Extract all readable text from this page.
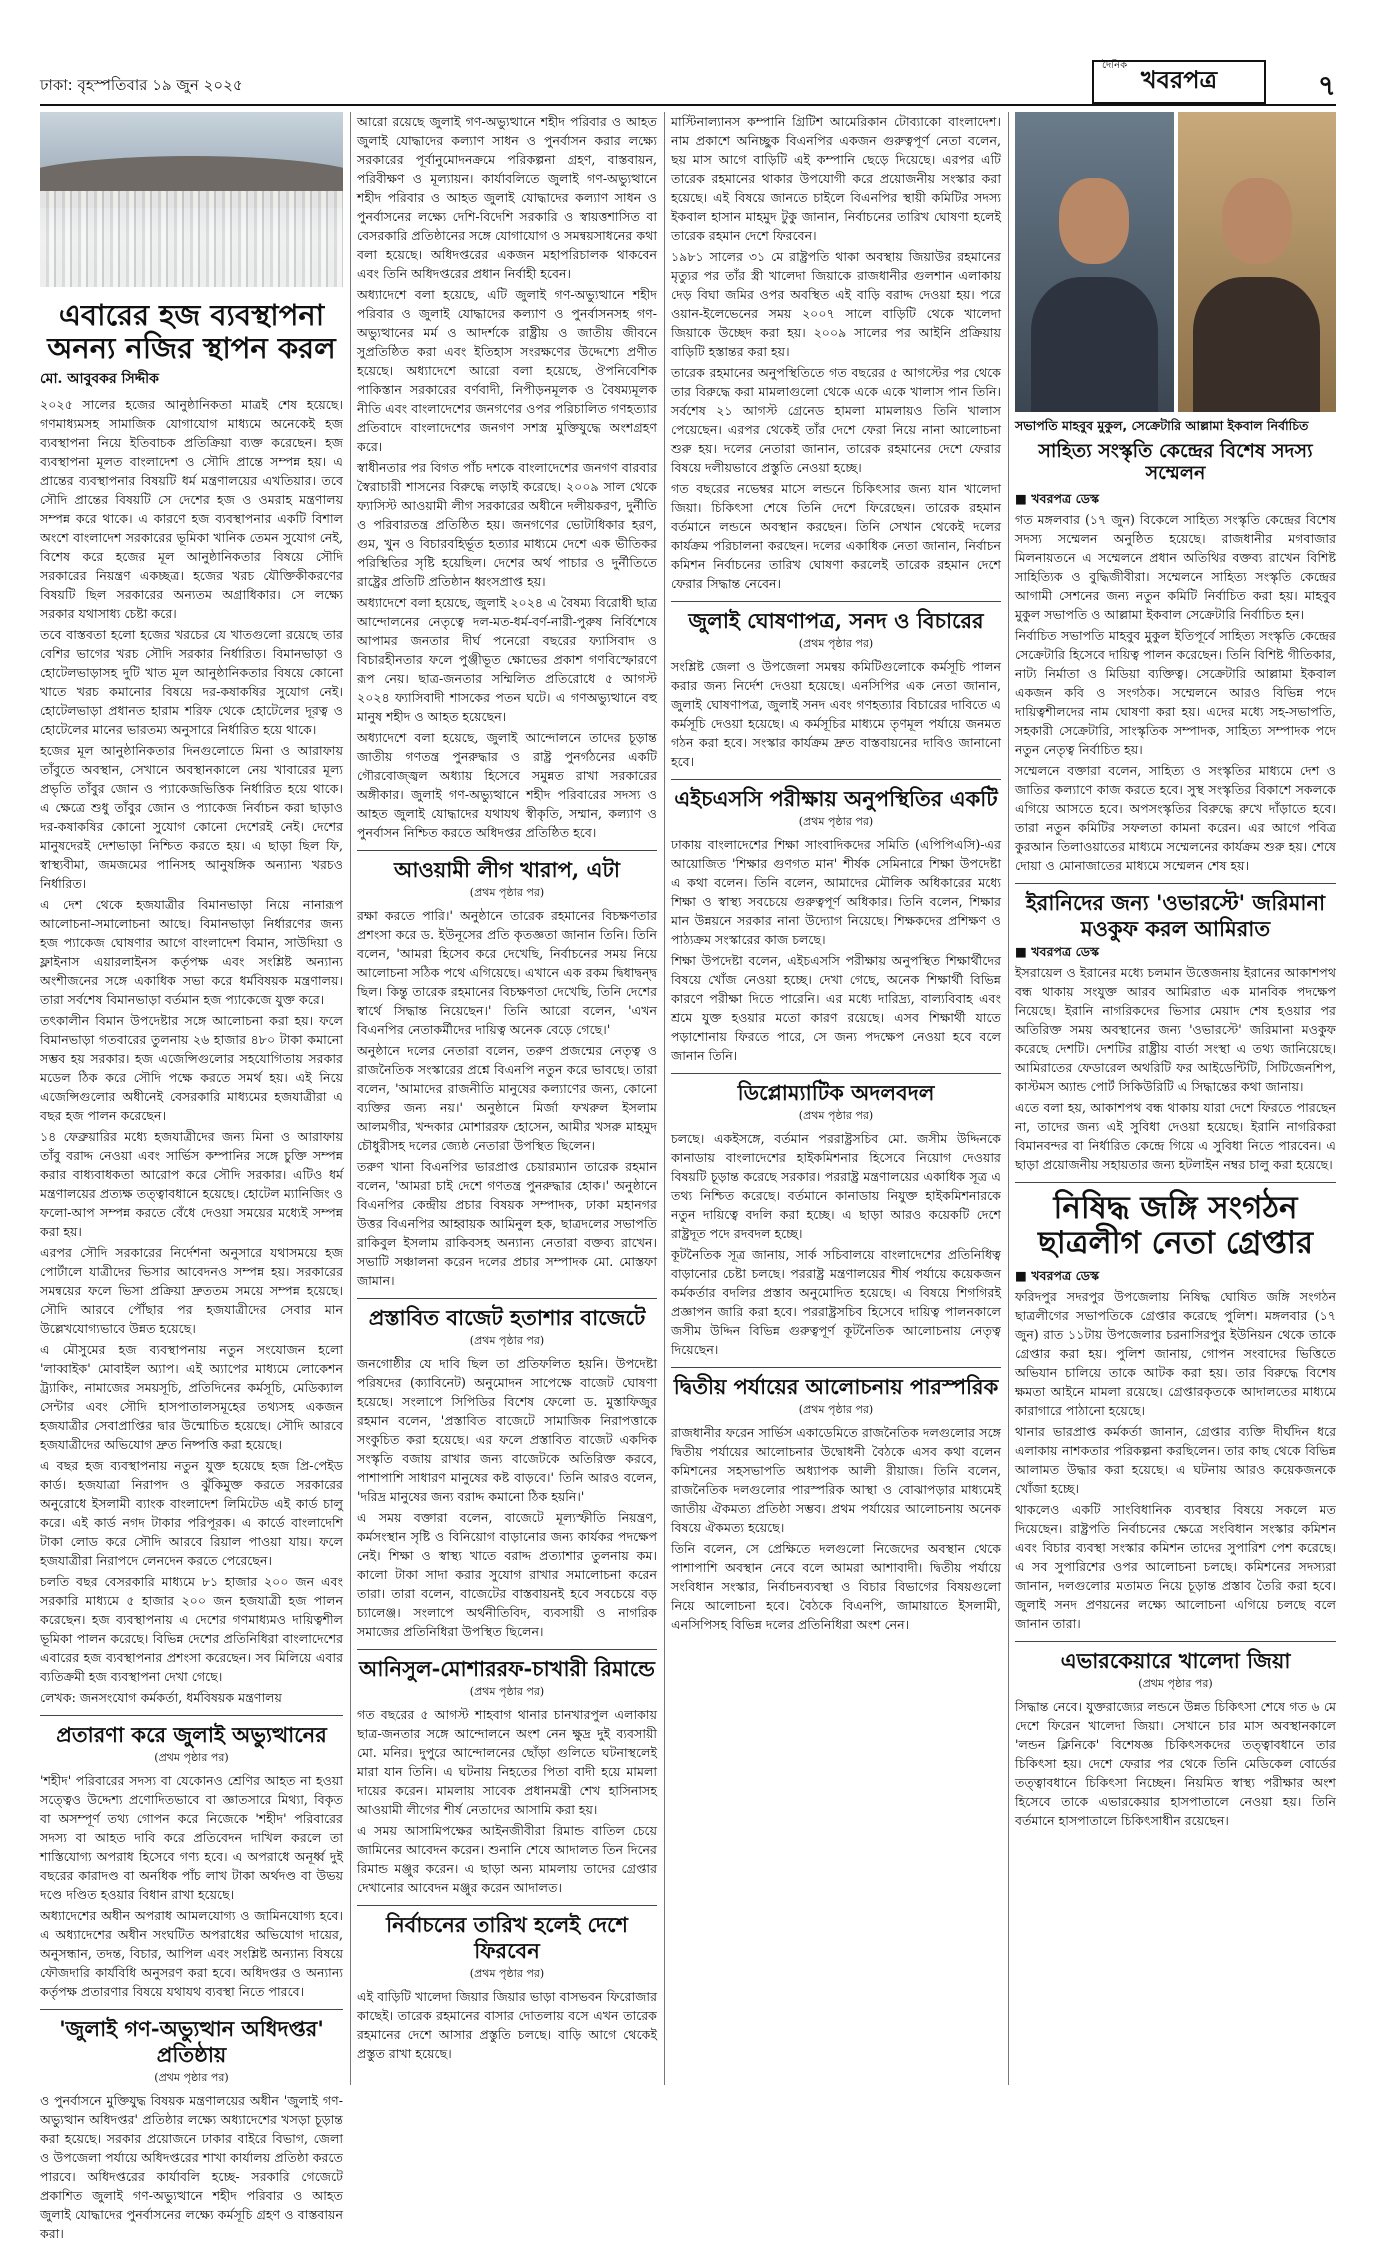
ঢাকা: বৃহস্পতিবার ১৯ জুন ২০২৫
দৈনিক
খবরপত্র	৭
এবারের হজ ব্যবস্থাপনা
অনন্য নজির স্থাপন করল
মো. আবুবকর সিদ্দীক

২০২৫ সালের হজের আনুষ্ঠানিকতা মাত্রই শেষ হয়েছে। গণমাধ্যমসহ সামাজিক যোগাযোগ মাধ্যমে অনেকেই হজ ব্যবস্থাপনা নিয়ে ইতিবাচক প্রতিক্রিয়া ব্যক্ত করেছেন। হজ ব্যবস্থাপনা মূলত বাংলাদেশ ও সৌদি প্রান্তে সম্পন্ন হয়। এ প্রান্তের ব্যবস্থাপনার বিষয়টি ধর্ম মন্ত্রণালয়ের এখতিয়ার। তবে সৌদি প্রান্তের বিষয়টি সে দেশের হজ ও ওমরাহ মন্ত্রণালয় সম্পন্ন করে থাকে। এ কারণে হজ ব্যবস্থাপনার একটি বিশাল অংশে বাংলাদেশ সরকারের ভূমিকা খানিক তেমন সুযোগ নেই, বিশেষ করে হজের মূল আনুষ্ঠানিকতার বিষয়ে সৌদি সরকারের নিয়ন্ত্রণ একচ্ছত্র। হজের খরচ যৌক্তিকীকরণের বিষয়টি ছিল সরকারের অন্যতম অগ্রাধিকার। সে লক্ষ্যে সরকার যথাসাধ্য চেষ্টা করে।

তবে বাস্তবতা হলো হজের খরচের যে খাতগুলো রয়েছে তার বেশির ভাগের খরচ সৌদি সরকার নির্ধারিত। বিমানভাড়া ও হোটেলভাড়াসহ দুটি খাত মূল আনুষ্ঠানিকতার বিষয়ে কোনো খাতে খরচ কমানোর বিষয়ে দর-কষাকষির সুযোগ নেই। হোটেলভাড়া প্রধানত হারাম শরিফ থেকে হোটেলের দূরত্ব ও হোটেলের মানের ভারতম্য অনুসারে নির্ধারিত হয়ে থাকে।

হজের মূল আনুষ্ঠানিকতার দিনগুলোতে মিনা ও আরাফায় তাঁবুতে অবস্থান, সেখানে অবস্থানকালে নেয় খাবারের মূল্য প্রভৃতি তাঁবুর জোন ও প্যাকেজভিত্তিক নির্ধারিত হয়ে থাকে। এ ক্ষেত্রে শুধু তাঁবুর জোন ও প্যাকেজ নির্বাচন করা ছাড়াও দর-কষাকষির কোনো সুযোগ কোনো দেশেরই নেই। দেশের মানুষদেরই দেশভাড়া নিশ্চিত করতে হয়। এ ছাড়া ছিল ফি, স্বাস্থ্যবীমা, জমজমের পানিসহ আনুষঙ্গিক অন্যান্য খরচও নির্ধারিত।

এ দেশ থেকে হজযাত্রীর বিমানভাড়া নিয়ে নানারূপ আলোচনা-সমালোচনা আছে। বিমানভাড়া নির্ধারণের জন্য হজ প্যাকেজ ঘোষণার আগে বাংলাদেশ বিমান, সাউদিয়া ও ফ্লাইনাস এয়ারলাইনস কর্তৃপক্ষ এবং সংশ্লিষ্ট অন্যান্য অংশীজনের সঙ্গে একাধিক সভা করে ধর্মবিষয়ক মন্ত্রণালয়। তারা সর্বশেষ বিমানভাড়া বর্তমান হজ প্যাকেজে যুক্ত করে।

তৎকালীন বিমান উপদেষ্টার সঙ্গে আলোচনা করা হয়। ফলে বিমানভাড়া গতবারের তুলনায় ২৬ হাজার ৪৮০ টাকা কমানো সম্ভব হয় সরকার। হজ এজেন্সিগুলোর সহযোগিতায় সরকার মডেল ঠিক করে সৌদি পক্ষে করতে সমর্থ হয়। এই নিয়ে এজেন্সিগুলোর অধীনেই বেসরকারি মাধ্যমের হজযাত্রীরা এ বছর হজ পালন করেছেন।

১৪ ফেব্রুয়ারির মধ্যে হজযাত্রীদের জন্য মিনা ও আরাফায় তাঁবু বরাদ্দ নেওয়া এবং সার্ভিস কম্পানির সঙ্গে চুক্তি সম্পন্ন করার বাধ্যবাধকতা আরোপ করে সৌদি সরকার। এটিও ধর্ম মন্ত্রণালয়ের প্রত্যক্ষ তত্ত্বাবধানে হয়েছে। হোটেল ম্যানিজিং ও ফলো-আপ সম্পন্ন করতে বেঁধে দেওয়া সময়ের মধ্যেই সম্পন্ন করা হয়।

এরপর সৌদি সরকারের নির্দেশনা অনুসারে যথাসময়ে হজ পোর্টালে যাত্রীদের ভিসার আবেদনও সম্পন্ন হয়। সরকারের সমন্বয়ের ফলে ভিসা প্রক্রিয়া দ্রুততম সময়ে সম্পন্ন হয়েছে। সৌদি আরবে পৌঁছার পর হজযাত্রীদের সেবার মান উল্লেখযোগ্যভাবে উন্নত হয়েছে।

এ মৌসুমের হজ ব্যবস্থাপনায় নতুন সংযোজন হলো 'লাব্বাইক' মোবাইল অ্যাপ। এই অ্যাপের মাধ্যমে লোকেশন ট্র্যাকিং, নামাজের সময়সূচি, প্রতিদিনের কর্মসূচি, মেডিক্যাল সেন্টার এবং সৌদি হাসপাতালসমূহের তথ্যসহ একজন হজযাত্রীর সেবাপ্রাপ্তির দ্বার উন্মোচিত হয়েছে। সৌদি আরবে হজযাত্রীদের অভিযোগ দ্রুত নিষ্পত্তি করা হয়েছে।

এ বছর হজ ব্যবস্থাপনায় নতুন যুক্ত হয়েছে হজ প্রি-পেইড কার্ড। হজযাত্রা নিরাপদ ও ঝুঁকিমুক্ত করতে সরকারের অনুরোধে ইসলামী ব্যাংক বাংলাদেশ লিমিটেড এই কার্ড চালু করে। এই কার্ড নগদ টাকার পরিপূরক। এ কার্ডে বাংলাদেশি টাকা লোড করে সৌদি আরবে রিয়াল পাওয়া যায়। ফলে হজযাত্রীরা নিরাপদে লেনদেন করতে পেরেছেন।

চলতি বছর বেসরকারি মাধ্যমে ৮১ হাজার ২০০ জন এবং সরকারি মাধ্যমে ৫ হাজার ২০০ জন হজযাত্রী হজ পালন করেছেন। হজ ব্যবস্থাপনায় এ দেশের গণমাধ্যমও দায়িত্বশীল ভূমিকা পালন করেছে। বিভিন্ন দেশের প্রতিনিধিরা বাংলাদেশের এবারের হজ ব্যবস্থাপনার প্রশংসা করেছেন। সব মিলিয়ে এবার ব্যতিক্রমী হজ ব্যবস্থাপনা দেখা গেছে।

লেখক: জনসংযোগ কর্মকর্তা, ধর্মবিষয়ক মন্ত্রণালয়

প্রতারণা করে জুলাই অভ্যুত্থানের
(প্রথম পৃষ্ঠার পর)

'শহীদ' পরিবারের সদস্য বা যেকোনও শ্রেণির আহত না হওয়া সত্ত্বেও উদ্দেশ্য প্রণোদিতভাবে বা জ্ঞাতসারে মিথ্যা, বিকৃত বা অসম্পূর্ণ তথ্য গোপন করে নিজেকে 'শহীদ' পরিবারের সদস্য বা আহত দাবি করে প্রতিবেদন দাখিল করলে তা শাস্তিযোগ্য অপরাধ হিসেবে গণ্য হবে। এ অপরাধে অনূর্ধ্ব দুই বছরের কারাদণ্ড বা অনধিক পাঁচ লাখ টাকা অর্থদণ্ড বা উভয় দণ্ডে দণ্ডিত হওয়ার বিধান রাখা হয়েছে।

অধ্যাদেশের অধীন অপরাধ আমলযোগ্য ও জামিনযোগ্য হবে। এ অধ্যাদেশের অধীন সংঘটিত অপরাধের অভিযোগ দায়ের, অনুসন্ধান, তদন্ত, বিচার, আপিল এবং সংশ্লিষ্ট অন্যান্য বিষয়ে ফৌজদারি কার্যবিধি অনুসরণ করা হবে। অধিদপ্তর ও অন্যান্য কর্তৃপক্ষ প্রতারণার বিষয়ে যথাযথ ব্যবস্থা নিতে পারবে।

'জুলাই গণ-অভ্যুত্থান অধিদপ্তর' প্রতিষ্ঠায়
(প্রথম পৃষ্ঠার পর)

ও পুনর্বাসনে মুক্তিযুদ্ধ বিষয়ক মন্ত্রণালয়ের অধীন 'জুলাই গণ-অভ্যুত্থান অধিদপ্তর' প্রতিষ্ঠার লক্ষ্যে অধ্যাদেশের খসড়া চূড়ান্ত করা হয়েছে। সরকার প্রয়োজনে ঢাকার বাইরে বিভাগ, জেলা ও উপজেলা পর্যায়ে অধিদপ্তরের শাখা কার্যালয় প্রতিষ্ঠা করতে পারবে। অধিদপ্তরের কার্যাবলি হচ্ছে- সরকারি গেজেটে প্রকাশিত জুলাই গণ-অভ্যুত্থানে শহীদ পরিবার ও আহত জুলাই যোদ্ধাদের পুনর্বাসনের লক্ষ্যে কর্মসূচি গ্রহণ ও বাস্তবায়ন করা।

আরো রয়েছে জুলাই গণ-অভ্যুত্থানে শহীদ পরিবার ও আহত জুলাই যোদ্ধাদের কল্যাণ সাধন ও পুনর্বাসন করার লক্ষ্যে সরকারের পূর্বানুমোদনক্রমে পরিকল্পনা গ্রহণ, বাস্তবায়ন, পরিবীক্ষণ ও মূল্যায়ন। কার্যাবলিতে জুলাই গণ-অভ্যুত্থানে শহীদ পরিবার ও আহত জুলাই যোদ্ধাদের কল্যাণ সাধন ও পুনর্বাসনের লক্ষ্যে দেশি-বিদেশি সরকারি ও স্বায়ত্তশাসিত বা বেসরকারি প্রতিষ্ঠানের সঙ্গে যোগাযোগ ও সমন্বয়সাধনের কথা বলা হয়েছে। অধিদপ্তরের একজন মহাপরিচালক থাকবেন এবং তিনি অধিদপ্তরের প্রধান নির্বাহী হবেন।

অধ্যাদেশে বলা হয়েছে, এটি জুলাই গণ-অভ্যুত্থানে শহীদ পরিবার ও জুলাই যোদ্ধাদের কল্যাণ ও পুনর্বাসনসহ গণ-অভ্যুত্থানের মর্ম ও আদর্শকে রাষ্ট্রীয় ও জাতীয় জীবনে সুপ্রতিষ্ঠিত করা এবং ইতিহাস সংরক্ষণের উদ্দেশ্যে প্রণীত হয়েছে। অধ্যাদেশে আরো বলা হয়েছে, ঔপনিবেশিক পাকিস্তান সরকারের বর্ণবাদী, নিপীড়নমূলক ও বৈষম্যমূলক নীতি এবং বাংলাদেশের জনগণের ওপর পরিচালিত গণহত্যার প্রতিবাদে বাংলাদেশের জনগণ সশস্ত্র মুক্তিযুদ্ধে অংশগ্রহণ করে।

স্বাধীনতার পর বিগত পাঁচ দশকে বাংলাদেশের জনগণ বারবার স্বৈরাচারী শাসনের বিরুদ্ধে লড়াই করেছে। ২০০৯ সাল থেকে ফ্যাসিস্ট আওয়ামী লীগ সরকারের অধীনে দলীয়করণ, দুর্নীতি ও পরিবারতন্ত্র প্রতিষ্ঠিত হয়। জনগণের ভোটাধিকার হরণ, গুম, খুন ও বিচারবহির্ভূত হত্যার মাধ্যমে দেশে এক ভীতিকর পরিস্থিতির সৃষ্টি হয়েছিল। দেশের অর্থ পাচার ও দুর্নীতিতে রাষ্ট্রের প্রতিটি প্রতিষ্ঠান ধ্বংসপ্রাপ্ত হয়।

অধ্যাদেশে বলা হয়েছে, জুলাই ২০২৪ এ বৈষম্য বিরোধী ছাত্র আন্দোলনের নেতৃত্বে দল-মত-ধর্ম-বর্ণ-নারী-পুরুষ নির্বিশেষে আপামর জনতার দীর্ঘ পনেরো বছরের ফ্যাসিবাদ ও বিচারহীনতার ফলে পুঞ্জীভূত ক্ষোভের প্রকাশ গণবিস্ফোরণে রূপ নেয়। ছাত্র-জনতার সম্মিলিত প্রতিরোধে ৫ আগস্ট ২০২৪ ফ্যাসিবাদী শাসকের পতন ঘটে। এ গণঅভ্যুত্থানে বহু মানুষ শহীদ ও আহত হয়েছেন।

অধ্যাদেশে বলা হয়েছে, জুলাই আন্দোলনে তাদের চূড়ান্ত জাতীয় গণতন্ত্র পুনরুদ্ধার ও রাষ্ট্র পুনর্গঠনের একটি গৌরবোজ্জ্বল অধ্যায় হিসেবে সমুন্নত রাখা সরকারের অঙ্গীকার। জুলাই গণ-অভ্যুত্থানে শহীদ পরিবারের সদস্য ও আহত জুলাই যোদ্ধাদের যথাযথ স্বীকৃতি, সম্মান, কল্যাণ ও পুনর্বাসন নিশ্চিত করতে অধিদপ্তর প্রতিষ্ঠিত হবে।

আওয়ামী লীগ খারাপ, এটা
(প্রথম পৃষ্ঠার পর)

রক্ষা করতে পারি।' অনুষ্ঠানে তারেক রহমানের বিচক্ষণতার প্রশংসা করে ড. ইউনূসের প্রতি কৃতজ্ঞতা জানান তিনি। তিনি বলেন, 'আমরা হিসেব করে দেখেছি, নির্বাচনের সময় নিয়ে আলোচনা সঠিক পথে এগিয়েছে। এখানে এক রকম দ্বিধাদ্বন্দ্ব ছিল। কিন্তু তারেক রহমানের বিচক্ষণতা দেখেছি, তিনি দেশের স্বার্থে সিদ্ধান্ত নিয়েছেন।' তিনি আরো বলেন, 'এখন বিএনপির নেতাকর্মীদের দায়িত্ব অনেক বেড়ে গেছে।'

অনুষ্ঠানে দলের নেতারা বলেন, তরুণ প্রজন্মের নেতৃত্ব ও রাজনৈতিক সংস্কারের প্রশ্নে বিএনপি নতুন করে ভাবছে। তারা বলেন, 'আমাদের রাজনীতি মানুষের কল্যাণের জন্য, কোনো ব্যক্তির জন্য নয়।' অনুষ্ঠানে মির্জা ফখরুল ইসলাম আলমগীর, খন্দকার মোশাররফ হোসেন, আমীর খসরু মাহমুদ চৌধুরীসহ দলের জ্যেষ্ঠ নেতারা উপস্থিত ছিলেন।

তরুণ খানা বিএনপির ভারপ্রাপ্ত চেয়ারম্যান তারেক রহমান বলেন, 'আমরা চাই দেশে গণতন্ত্র পুনরুদ্ধার হোক।' অনুষ্ঠানে বিএনপির কেন্দ্রীয় প্রচার বিষয়ক সম্পাদক, ঢাকা মহানগর উত্তর বিএনপির আহ্বায়ক আমিনুল হক, ছাত্রদলের সভাপতি রাকিবুল ইসলাম রাকিবসহ অন্যান্য নেতারা বক্তব্য রাখেন। সভাটি সঞ্চালনা করেন দলের প্রচার সম্পাদক মো. মোস্তফা জামান।

প্রস্তাবিত বাজেট হতাশার বাজেটে
(প্রথম পৃষ্ঠার পর)

জনগোষ্ঠীর যে দাবি ছিল তা প্রতিফলিত হয়নি। উপদেষ্টা পরিষদের (ক্যাবিনেট) অনুমোদন সাপেক্ষে বাজেট ঘোষণা হয়েছে। সংলাপে সিপিডির বিশেষ ফেলো ড. মুস্তাফিজুর রহমান বলেন, 'প্রস্তাবিত বাজেটে সামাজিক নিরাপত্তাকে সংকুচিত করা হয়েছে। এর ফলে প্রস্তাবিত বাজেট একদিক সংস্কৃতি বজায় রাখার জন্য বাজেটকে অতিরিক্ত করবে, পাশাপাশি সাধারণ মানুষের কষ্ট বাড়বে।' তিনি আরও বলেন, 'দরিদ্র মানুষের জন্য বরাদ্দ কমানো ঠিক হয়নি।'

এ সময় বক্তারা বলেন, বাজেটে মূল্যস্ফীতি নিয়ন্ত্রণ, কর্মসংস্থান সৃষ্টি ও বিনিয়োগ বাড়ানোর জন্য কার্যকর পদক্ষেপ নেই। শিক্ষা ও স্বাস্থ্য খাতে বরাদ্দ প্রত্যাশার তুলনায় কম। কালো টাকা সাদা করার সুযোগ রাখার সমালোচনা করেন তারা। তারা বলেন, বাজেটের বাস্তবায়নই হবে সবচেয়ে বড় চ্যালেঞ্জ। সংলাপে অর্থনীতিবিদ, ব্যবসায়ী ও নাগরিক সমাজের প্রতিনিধিরা উপস্থিত ছিলেন।

আনিসুল-মোশাররফ-চাখারী রিমান্ডে
(প্রথম পৃষ্ঠার পর)

গত বছরের ৫ আগস্ট শাহবাগ থানার চানখারপুল এলাকায় ছাত্র-জনতার সঙ্গে আন্দোলনে অংশ নেন ক্ষুদ্র দুই ব্যবসায়ী মো. মনির। দুপুরে আন্দোলনের ছোঁড়া গুলিতে ঘটনাস্থলেই মারা যান তিনি। এ ঘটনায় নিহতের পিতা বাদী হয়ে মামলা দায়ের করেন। মামলায় সাবেক প্রধানমন্ত্রী শেখ হাসিনাসহ আওয়ামী লীগের শীর্ষ নেতাদের আসামি করা হয়।

এ সময় আসামিপক্ষের আইনজীবীরা রিমান্ড বাতিল চেয়ে জামিনের আবেদন করেন। শুনানি শেষে আদালত তিন দিনের রিমান্ড মঞ্জুর করেন। এ ছাড়া অন্য মামলায় তাদের গ্রেপ্তার দেখানোর আবেদন মঞ্জুর করেন আদালত।

নির্বাচনের তারিখ হলেই দেশে ফিরবেন
(প্রথম পৃষ্ঠার পর)

এই বাড়িটি খালেদা জিয়ার জিয়ার ভাড়া বাসভবন ফিরোজার কাছেই। তারেক রহমানের বাসার দোতলায় বসে এখন তারেক রহমানের দেশে আসার প্রস্তুতি চলছে। বাড়ি আগে থেকেই প্রস্তুত রাখা হয়েছে।

মাস্টিনাল্যানস কম্পানি গ্রিটিশ আমেরিকান টোব্যাকো বাংলাদেশ। নাম প্রকাশে অনিচ্ছুক বিএনপির একজন গুরুত্বপূর্ণ নেতা বলেন, ছয় মাস আগে বাড়িটি এই কম্পানি ছেড়ে দিয়েছে। এরপর এটি তারেক রহমানের থাকার উপযোগী করে প্রয়োজনীয় সংস্কার করা হয়েছে। এই বিষয়ে জানতে চাইলে বিএনপির স্থায়ী কমিটির সদস্য ইকবাল হাসান মাহমুদ টুকু জানান, নির্বাচনের তারিখ ঘোষণা হলেই তারেক রহমান দেশে ফিরবেন।

১৯৮১ সালের ৩১ মে রাষ্ট্রপতি থাকা অবস্থায় জিয়াউর রহমানের মৃত্যুর পর তাঁর স্ত্রী খালেদা জিয়াকে রাজধানীর গুলশান এলাকায় দেড় বিঘা জমির ওপর অবস্থিত এই বাড়ি বরাদ্দ দেওয়া হয়। পরে ওয়ান-ইলেভেনের সময় ২০০৭ সালে বাড়িটি থেকে খালেদা জিয়াকে উচ্ছেদ করা হয়। ২০০৯ সালের পর আইনি প্রক্রিয়ায় বাড়িটি হস্তান্তর করা হয়।

তারেক রহমানের অনুপস্থিতিতে গত বছরের ৫ আগস্টের পর থেকে তার বিরুদ্ধে করা মামলাগুলো থেকে একে একে খালাস পান তিনি। সর্বশেষ ২১ আগস্ট গ্রেনেড হামলা মামলায়ও তিনি খালাস পেয়েছেন। এরপর থেকেই তাঁর দেশে ফেরা নিয়ে নানা আলোচনা শুরু হয়। দলের নেতারা জানান, তারেক রহমানের দেশে ফেরার বিষয়ে দলীয়ভাবে প্রস্তুতি নেওয়া হচ্ছে।

গত বছরের নভেম্বর মাসে লন্ডনে চিকিৎসার জন্য যান খালেদা জিয়া। চিকিৎসা শেষে তিনি দেশে ফিরেছেন। তারেক রহমান বর্তমানে লন্ডনে অবস্থান করছেন। তিনি সেখান থেকেই দলের কার্যক্রম পরিচালনা করছেন। দলের একাধিক নেতা জানান, নির্বাচন কমিশন নির্বাচনের তারিখ ঘোষণা করলেই তারেক রহমান দেশে ফেরার সিদ্ধান্ত নেবেন।

জুলাই ঘোষণাপত্র, সনদ ও বিচারের
(প্রথম পৃষ্ঠার পর)

সংশ্লিষ্ট জেলা ও উপজেলা সমন্বয় কমিটিগুলোকে কর্মসূচি পালন করার জন্য নির্দেশ দেওয়া হয়েছে। এনসিপির এক নেতা জানান, জুলাই ঘোষণাপত্র, জুলাই সনদ এবং গণহত্যার বিচারের দাবিতে এ কর্মসূচি দেওয়া হয়েছে। এ কর্মসূচির মাধ্যমে তৃণমূল পর্যায়ে জনমত গঠন করা হবে। সংস্কার কার্যক্রম দ্রুত বাস্তবায়নের দাবিও জানানো হবে।

এইচএসসি পরীক্ষায় অনুপস্থিতির একটি
(প্রথম পৃষ্ঠার পর)

ঢাকায় বাংলাদেশের শিক্ষা সাংবাদিকদের সমিতি (এপিপিএসি)-এর আয়োজিত 'শিক্ষার গুণগত মান' শীর্ষক সেমিনারে শিক্ষা উপদেষ্টা এ কথা বলেন। তিনি বলেন, আমাদের মৌলিক অধিকারের মধ্যে শিক্ষা ও স্বাস্থ্য সবচেয়ে গুরুত্বপূর্ণ অধিকার। তিনি বলেন, শিক্ষার মান উন্নয়নে সরকার নানা উদ্যোগ নিয়েছে। শিক্ষকদের প্রশিক্ষণ ও পাঠ্যক্রম সংস্কারের কাজ চলছে।

শিক্ষা উপদেষ্টা বলেন, এইচএসসি পরীক্ষায় অনুপস্থিত শিক্ষার্থীদের বিষয়ে খোঁজ নেওয়া হচ্ছে। দেখা গেছে, অনেক শিক্ষার্থী বিভিন্ন কারণে পরীক্ষা দিতে পারেনি। এর মধ্যে দারিদ্র্য, বাল্যবিবাহ এবং শ্রমে যুক্ত হওয়ার মতো কারণ রয়েছে। এসব শিক্ষার্থী যাতে পড়াশোনায় ফিরতে পারে, সে জন্য পদক্ষেপ নেওয়া হবে বলে জানান তিনি।

ডিপ্লোম্যাটিক অদলবদল
(প্রথম পৃষ্ঠার পর)

চলছে। একইসঙ্গে, বর্তমান পররাষ্ট্রসচিব মো. জসীম উদ্দিনকে কানাডায় বাংলাদেশের হাইকমিশনার হিসেবে নিয়োগ দেওয়ার বিষয়টি চূড়ান্ত করেছে সরকার। পররাষ্ট্র মন্ত্রণালয়ের একাধিক সূত্র এ তথ্য নিশ্চিত করেছে। বর্তমানে কানাডায় নিযুক্ত হাইকমিশনারকে নতুন দায়িত্বে বদলি করা হচ্ছে। এ ছাড়া আরও কয়েকটি দেশে রাষ্ট্রদূত পদে রদবদল হচ্ছে।

কূটনৈতিক সূত্র জানায়, সার্ক সচিবালয়ে বাংলাদেশের প্রতিনিধিত্ব বাড়ানোর চেষ্টা চলছে। পররাষ্ট্র মন্ত্রণালয়ের শীর্ষ পর্যায়ে কয়েকজন কর্মকর্তার বদলির প্রস্তাব অনুমোদিত হয়েছে। এ বিষয়ে শিগগিরই প্রজ্ঞাপন জারি করা হবে। পররাষ্ট্রসচিব হিসেবে দায়িত্ব পালনকালে জসীম উদ্দিন বিভিন্ন গুরুত্বপূর্ণ কূটনৈতিক আলোচনায় নেতৃত্ব দিয়েছেন।

দ্বিতীয় পর্যায়ের আলোচনায় পারস্পরিক
(প্রথম পৃষ্ঠার পর)

রাজধানীর ফরেন সার্ভিস একাডেমিতে রাজনৈতিক দলগুলোর সঙ্গে দ্বিতীয় পর্যায়ের আলোচনার উদ্বোধনী বৈঠকে এসব কথা বলেন কমিশনের সহসভাপতি অধ্যাপক আলী রীয়াজ। তিনি বলেন, রাজনৈতিক দলগুলোর পারস্পরিক আস্থা ও বোঝাপড়ার মাধ্যমেই জাতীয় ঐকমত্য প্রতিষ্ঠা সম্ভব। প্রথম পর্যায়ের আলোচনায় অনেক বিষয়ে ঐকমত্য হয়েছে।

তিনি বলেন, সে প্রেক্ষিতে দলগুলো নিজেদের অবস্থান থেকে পাশাপাশি অবস্থান নেবে বলে আমরা আশাবাদী। দ্বিতীয় পর্যায়ে সংবিধান সংস্কার, নির্বাচনব্যবস্থা ও বিচার বিভাগের বিষয়গুলো নিয়ে আলোচনা হবে। বৈঠকে বিএনপি, জামায়াতে ইসলামী, এনসিপিসহ বিভিন্ন দলের প্রতিনিধিরা অংশ নেন।

সভাপতি মাহবুব মুকুল, সেক্রেটারি আল্লামা ইকবাল নির্বাচিত
সাহিত্য সংস্কৃতি কেন্দ্রের বিশেষ সদস্য সম্মেলন

■ খবরপত্র ডেস্ক

গত মঙ্গলবার (১৭ জুন) বিকেলে সাহিত্য সংস্কৃতি কেন্দ্রের বিশেষ সদস্য সম্মেলন অনুষ্ঠিত হয়েছে। রাজধানীর মগবাজার মিলনায়তনে এ সম্মেলনে প্রধান অতিথির বক্তব্য রাখেন বিশিষ্ট সাহিত্যিক ও বুদ্ধিজীবীরা। সম্মেলনে সাহিত্য সংস্কৃতি কেন্দ্রের আগামী সেশনের জন্য নতুন কমিটি নির্বাচিত করা হয়। মাহবুব মুকুল সভাপতি ও আল্লামা ইকবাল সেক্রেটারি নির্বাচিত হন।

নির্বাচিত সভাপতি মাহবুব মুকুল ইতিপূর্বে সাহিত্য সংস্কৃতি কেন্দ্রের সেক্রেটারি হিসেবে দায়িত্ব পালন করেছেন। তিনি বিশিষ্ট গীতিকার, নাট্য নির্মাতা ও মিডিয়া ব্যক্তিত্ব। সেক্রেটারি আল্লামা ইকবাল একজন কবি ও সংগঠক। সম্মেলনে আরও বিভিন্ন পদে দায়িত্বশীলদের নাম ঘোষণা করা হয়। এদের মধ্যে সহ-সভাপতি, সহকারী সেক্রেটারি, সাংস্কৃতিক সম্পাদক, সাহিত্য সম্পাদক পদে নতুন নেতৃত্ব নির্বাচিত হয়।

সম্মেলনে বক্তারা বলেন, সাহিত্য ও সংস্কৃতির মাধ্যমে দেশ ও জাতির কল্যাণে কাজ করতে হবে। সুস্থ সংস্কৃতির বিকাশে সকলকে এগিয়ে আসতে হবে। অপসংস্কৃতির বিরুদ্ধে রুখে দাঁড়াতে হবে। তারা নতুন কমিটির সফলতা কামনা করেন। এর আগে পবিত্র কুরআন তিলাওয়াতের মাধ্যমে সম্মেলনের কার্যক্রম শুরু হয়। শেষে দোয়া ও মোনাজাতের মাধ্যমে সম্মেলন শেষ হয়।

ইরানিদের জন্য 'ওভারস্টে' জরিমানা মওকুফ করল আমিরাত

■ খবরপত্র ডেস্ক

ইসরায়েল ও ইরানের মধ্যে চলমান উত্তেজনায় ইরানের আকাশপথ বন্ধ থাকায় সংযুক্ত আরব আমিরাত এক মানবিক পদক্ষেপ নিয়েছে। ইরানি নাগরিকদের ভিসার মেয়াদ শেষ হওয়ার পর অতিরিক্ত সময় অবস্থানের জন্য 'ওভারস্টে' জরিমানা মওকুফ করেছে দেশটি। দেশটির রাষ্ট্রীয় বার্তা সংস্থা এ তথ্য জানিয়েছে। আমিরাতের ফেডারেল অথরিটি ফর আইডেন্টিটি, সিটিজেনশিপ, কাস্টমস অ্যান্ড পোর্ট সিকিউরিটি এ সিদ্ধান্তের কথা জানায়।

এতে বলা হয়, আকাশপথ বন্ধ থাকায় যারা দেশে ফিরতে পারছেন না, তাদের জন্য এই সুবিধা দেওয়া হয়েছে। ইরানি নাগরিকরা বিমানবন্দর বা নির্ধারিত কেন্দ্রে গিয়ে এ সুবিধা নিতে পারবেন। এ ছাড়া প্রয়োজনীয় সহায়তার জন্য হটলাইন নম্বর চালু করা হয়েছে।

নিষিদ্ধ জঙ্গি সংগঠন
ছাত্রলীগ নেতা গ্রেপ্তার

■ খবরপত্র ডেস্ক

ফরিদপুর সদরপুর উপজেলায় নিষিদ্ধ ঘোষিত জঙ্গি সংগঠন ছাত্রলীগের সভাপতিকে গ্রেপ্তার করেছে পুলিশ। মঙ্গলবার (১৭ জুন) রাত ১১টায় উপজেলার চরনাসিরপুর ইউনিয়ন থেকে তাকে গ্রেপ্তার করা হয়। পুলিশ জানায়, গোপন সংবাদের ভিত্তিতে অভিযান চালিয়ে তাকে আটক করা হয়। তার বিরুদ্ধে বিশেষ ক্ষমতা আইনে মামলা রয়েছে। গ্রেপ্তারকৃতকে আদালতের মাধ্যমে কারাগারে পাঠানো হয়েছে।

থানার ভারপ্রাপ্ত কর্মকর্তা জানান, গ্রেপ্তার ব্যক্তি দীর্ঘদিন ধরে এলাকায় নাশকতার পরিকল্পনা করছিলেন। তার কাছ থেকে বিভিন্ন আলামত উদ্ধার করা হয়েছে। এ ঘটনায় আরও কয়েকজনকে খোঁজা হচ্ছে।

থাকলেও একটি সাংবিধানিক ব্যবস্থার বিষয়ে সকলে মত দিয়েছেন। রাষ্ট্রপতি নির্বাচনের ক্ষেত্রে সংবিধান সংস্কার কমিশন এবং বিচার ব্যবস্থা সংস্কার কমিশন তাদের সুপারিশ পেশ করেছে। এ সব সুপারিশের ওপর আলোচনা চলছে। কমিশনের সদস্যরা জানান, দলগুলোর মতামত নিয়ে চূড়ান্ত প্রস্তাব তৈরি করা হবে। জুলাই সনদ প্রণয়নের লক্ষ্যে আলোচনা এগিয়ে চলছে বলে জানান তারা।

এভারকেয়ারে খালেদা জিয়া
(প্রথম পৃষ্ঠার পর)

সিদ্ধান্ত নেবে। যুক্তরাজ্যের লন্ডনে উন্নত চিকিৎসা শেষে গত ৬ মে দেশে ফিরেন খালেদা জিয়া। সেখানে চার মাস অবস্থানকালে 'লন্ডন ক্লিনিকে' বিশেষজ্ঞ চিকিৎসকদের তত্ত্বাবধানে তার চিকিৎসা হয়। দেশে ফেরার পর থেকে তিনি মেডিকেল বোর্ডের তত্ত্বাবধানে চিকিৎসা নিচ্ছেন। নিয়মিত স্বাস্থ্য পরীক্ষার অংশ হিসেবে তাকে এভারকেয়ার হাসপাতালে নেওয়া হয়। তিনি বর্তমানে হাসপাতালে চিকিৎসাধীন রয়েছেন।
